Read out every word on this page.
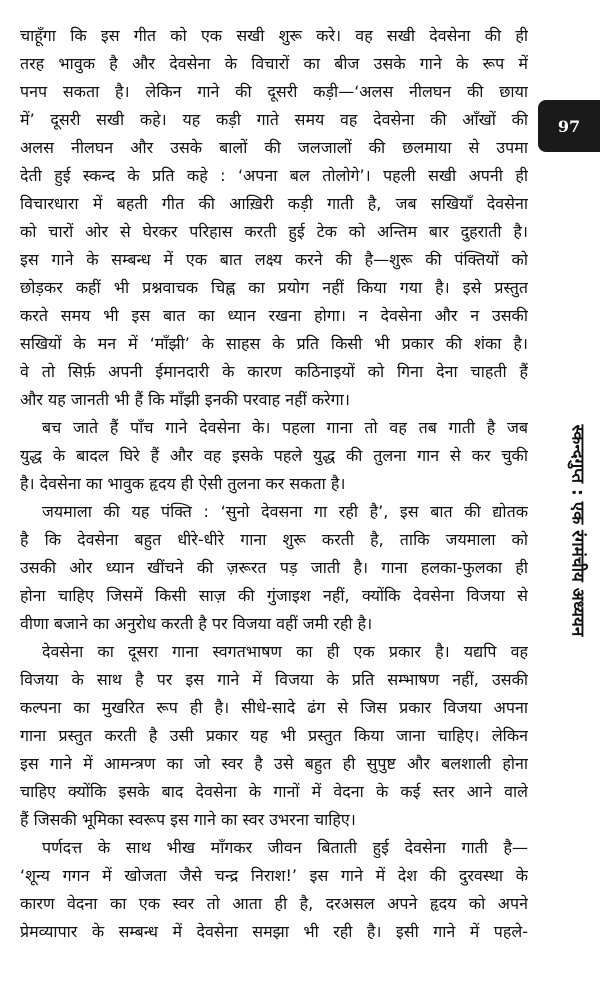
चाहूँगा कि इस गीत को एक सखी शुरू करे। वह सखी देवसेना की ही
तरह भावुक है और देवसेना के विचारों का बीज उसके गाने के रूप में
पनप सकता है। लेकिन गाने की दूसरी कड़ी—‘अलस नीलघन की छाया
में’ दूसरी सखी कहे। यह कड़ी गाते समय वह देवसेना की आँखों की
अलस नीलघन और उसके बालों की जलजालों की छलमाया से उपमा
देती हुई स्कन्द के प्रति कहे : ‘अपना बल तोलोगे’। पहली सखी अपनी ही
विचारधारा में बहती गीत की आख़िरी कड़ी गाती है, जब सखियाँ देवसेना
को चारों ओर से घेरकर परिहास करती हुई टेक को अन्तिम बार दुहराती है।
इस गाने के सम्बन्ध में एक बात लक्ष्य करने की है—शुरू की पंक्तियों को
छोड़कर कहीं भी प्रश्नवाचक चिह्न का प्रयोग नहीं किया गया है। इसे प्रस्तुत
करते समय भी इस बात का ध्यान रखना होगा। न देवसेना और न उसकी
सखियों के मन में ‘माँझी’ के साहस के प्रति किसी भी प्रकार की शंका है।
वे तो सिर्फ़ अपनी ईमानदारी के कारण कठिनाइयों को गिना देना चाहती हैं
और यह जानती भी हैं कि माँझी इनकी परवाह नहीं करेगा।
बच जाते हैं पाँच गाने देवसेना के। पहला गाना तो वह तब गाती है जब
युद्ध के बादल घिरे हैं और वह इसके पहले युद्ध की तुलना गान से कर चुकी
है। देवसेना का भावुक हृदय ही ऐसी तुलना कर सकता है।
जयमाला की यह पंक्ति : ‘सुनो देवसना गा रही है’, इस बात की द्योतक
है कि देवसेना बहुत धीरे-धीरे गाना शुरू करती है, ताकि जयमाला को
उसकी ओर ध्यान खींचने की ज़रूरत पड़ जाती है। गाना हलका-फुलका ही
होना चाहिए जिसमें किसी साज़ की गुंजाइश नहीं, क्योंकि देवसेना विजया से
वीणा बजाने का अनुरोध करती है पर विजया वहीं जमी रही है।
देवसेना का दूसरा गाना स्वगतभाषण का ही एक प्रकार है। यद्यपि वह
विजया के साथ है पर इस गाने में विजया के प्रति सम्भाषण नहीं, उसकी
कल्पना का मुखरित रूप ही है। सीधे-सादे ढंग से जिस प्रकार विजया अपना
गाना प्रस्तुत करती है उसी प्रकार यह भी प्रस्तुत किया जाना चाहिए। लेकिन
इस गाने में आमन्त्रण का जो स्वर है उसे बहुत ही सुपुष्ट और बलशाली होना
चाहिए क्योंकि इसके बाद देवसेना के गानों में वेदना के कई स्तर आने वाले
हैं जिसकी भूमिका स्वरूप इस गाने का स्वर उभरना चाहिए।
पर्णदत्त के साथ भीख माँगकर जीवन बिताती हुई देवसेना गाती है—
‘शून्य गगन में खोजता जैसे चन्द्र निराश!’ इस गाने में देश की दुरवस्था के
कारण वेदना का एक स्वर तो आता ही है, दरअसल अपने हृदय को अपने
प्रेमव्यापार के सम्बन्ध में देवसेना समझा भी रही है। इसी गाने में पहले-
97
स्कन्दगुप्त : एक रंगमंचीय अध्ययन
